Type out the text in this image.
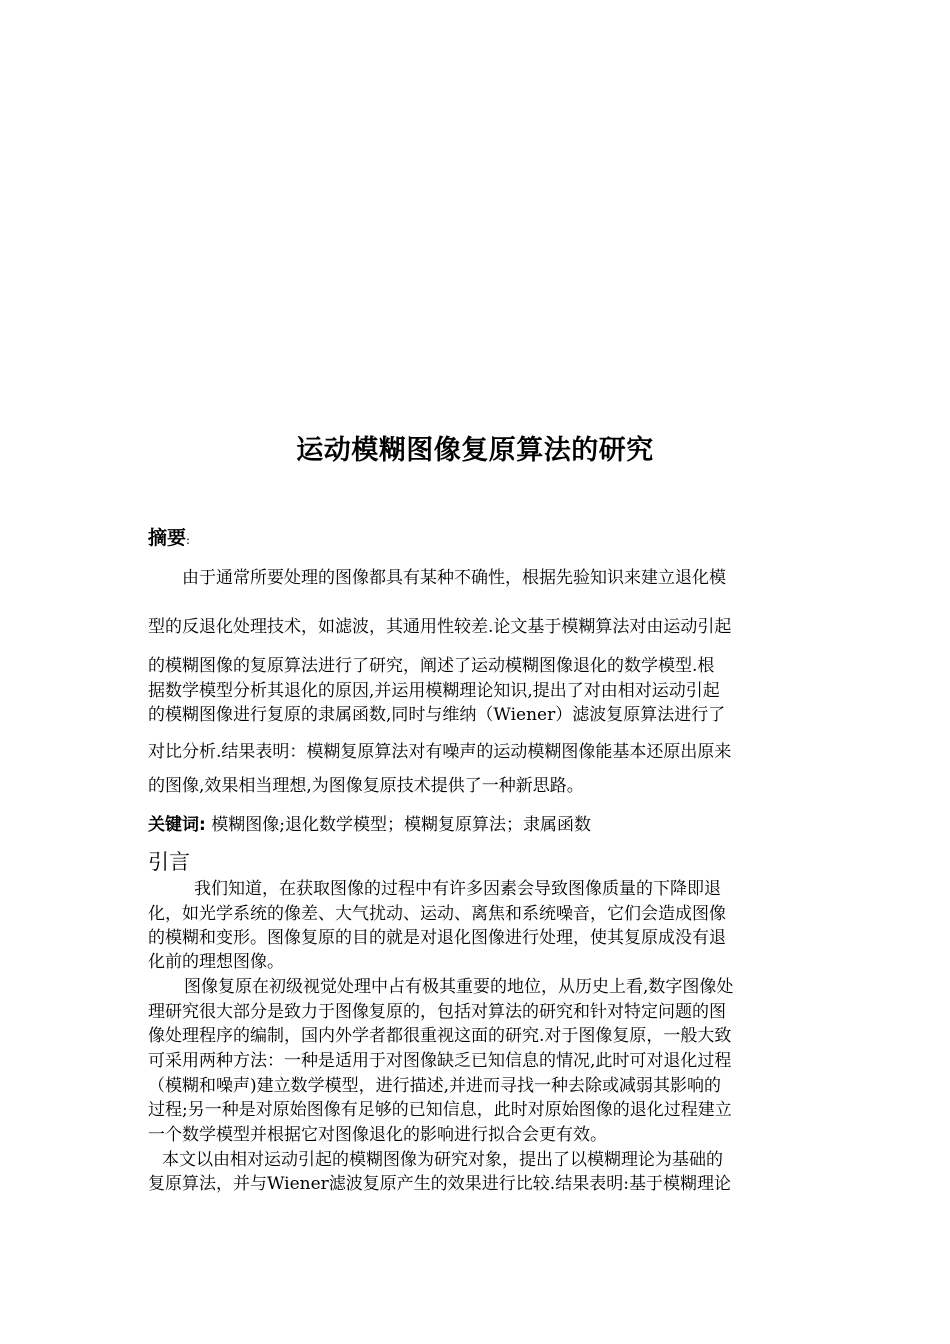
运动模糊图像复原算法的研究
摘要:
由于通常所要处理的图像都具有某种不确性，根据先验知识来建立退化模
型的反退化处理技术，如滤波，其通用性较差.论文基于模糊算法对由运动引起
的模糊图像的复原算法进行了研究，阐述了运动模糊图像退化的数学模型.根
据数学模型分析其退化的原因,并运用模糊理论知识,提出了对由相对运动引起
的模糊图像进行复原的隶属函数,同时与维纳（Wiener）滤波复原算法进行了
对比分析.结果表明：模糊复原算法对有噪声的运动模糊图像能基本还原出原来
的图像,效果相当理想,为图像复原技术提供了一种新思路。
关键词: 模糊图像;退化数学模型；模糊复原算法；隶属函数
引言
我们知道，在获取图像的过程中有许多因素会导致图像质量的下降即退
化，如光学系统的像差、大气扰动、运动、离焦和系统噪音，它们会造成图像
的模糊和变形。图像复原的目的就是对退化图像进行处理，使其复原成没有退
化前的理想图像。
图像复原在初级视觉处理中占有极其重要的地位，从历史上看,数字图像处
理研究很大部分是致力于图像复原的，包括对算法的研究和针对特定问题的图
像处理程序的编制，国内外学者都很重视这面的研究.对于图像复原，一般大致
可采用两种方法：一种是适用于对图像缺乏已知信息的情况,此时可对退化过程
（模糊和噪声)建立数学模型，进行描述,并进而寻找一种去除或减弱其影响的
过程;另一种是对原始图像有足够的已知信息，此时对原始图像的退化过程建立
一个数学模型并根据它对图像退化的影响进行拟合会更有效。
本文以由相对运动引起的模糊图像为研究对象，提出了以模糊理论为基础的
复原算法，并与Wiener滤波复原产生的效果进行比较.结果表明:基于模糊理论
